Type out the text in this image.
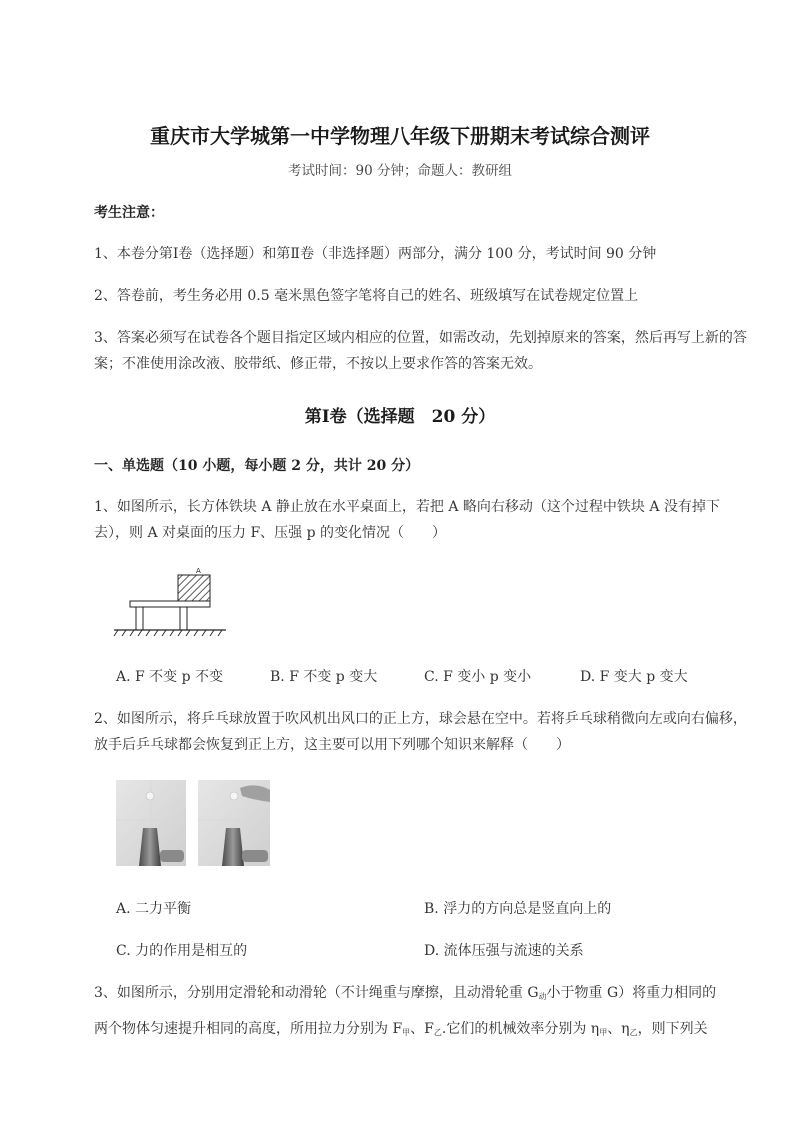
重庆市大学城第一中学物理八年级下册期末考试综合测评
考试时间：90 分钟；命题人：教研组
考生注意：
1、本卷分第Ⅰ卷（选择题）和第Ⅱ卷（非选择题）两部分，满分 100 分，考试时间 90 分钟
2、答卷前，考生务必用 0.5 毫米黑色签字笔将自己的姓名、班级填写在试卷规定位置上
3、答案必须写在试卷各个题目指定区域内相应的位置，如需改动，先划掉原来的答案，然后再写上新的答案；不准使用涂改液、胶带纸、修正带，不按以上要求作答的答案无效。
第Ⅰ卷（选择题　20 分）
一、单选题（10 小题，每小题 2 分，共计 20 分）
1、如图所示，长方体铁块 A 静止放在水平桌面上，若把 A 略向右移动（这个过程中铁块 A 没有掉下去），则 A 对桌面的压力 F、压强 p 的变化情况（　　）
A
A. F 不变 p 不变	B. F 不变 p 变大	C. F 变小 p 变小	D. F 变大 p 变大
2、如图所示，将乒乓球放置于吹风机出风口的正上方，球会悬在空中。若将乒乓球稍微向左或向右偏移，放手后乒乓球都会恢复到正上方，这主要可以用下列哪个知识来解释（　　）
A. 二力平衡	B. 浮力的方向总是竖直向上的
C. 力的作用是相互的	D. 流体压强与流速的关系
3、如图所示，分别用定滑轮和动滑轮（不计绳重与摩擦，且动滑轮重 $G_动$小于物重 G）将重力相同的
两个物体匀速提升相同的高度，所用拉力分别为 $F_甲$、$F_乙$.它们的机械效率分别为 $\eta_甲$、$\eta_乙$，则下列关
